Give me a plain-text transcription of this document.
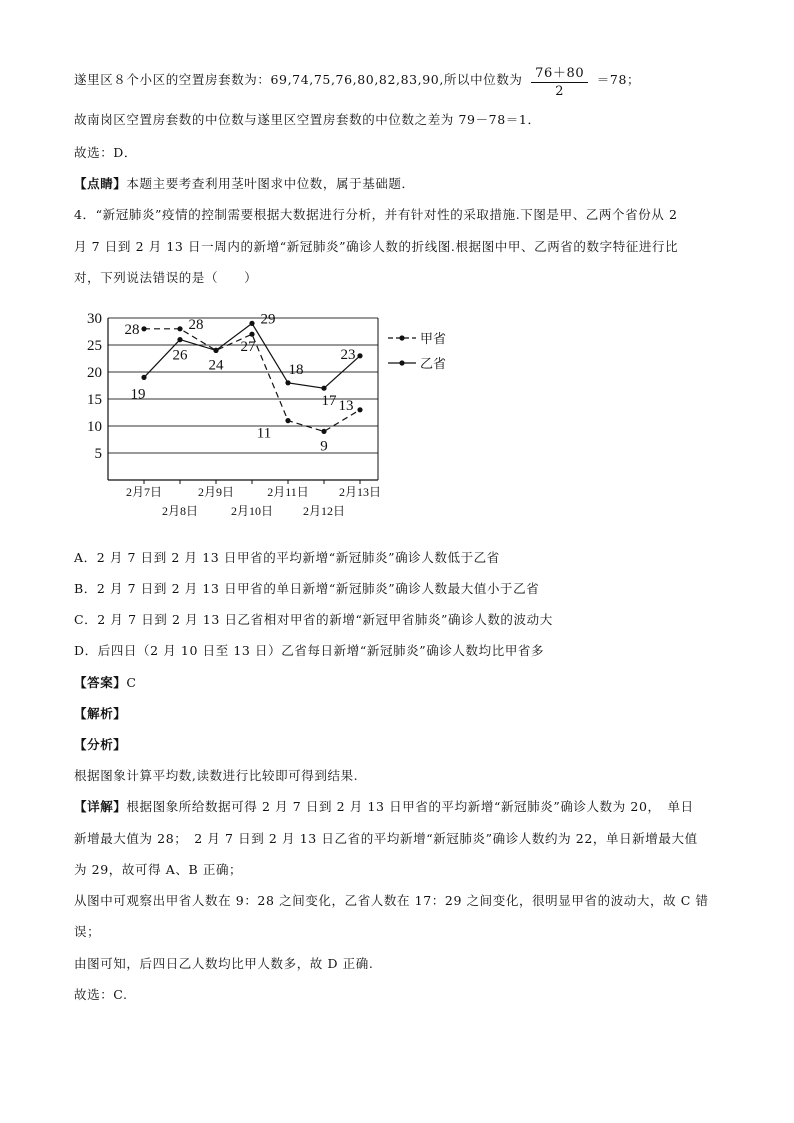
遂里区８个小区的空置房套数为：69,74,75,76,80,82,83,90,所以中位数为 $\frac{76+80}{2} =78$；
故南岗区空置房套数的中位数与遂里区空置房套数的中位数之差为 79－78＝1．
故选：D．
【点睛】本题主要考查利用茎叶图求中位数，属于基础题．
4．“新冠肺炎”疫情的控制需要根据大数据进行分析，并有针对性的采取措施.下图是甲、乙两个省份从 2
月 7 日到 2 月 13 日一周内的新增“新冠肺炎”确诊人数的折线图.根据图中甲、乙两省的数字特征进行比
对，下列说法错误的是（　　）
5
10
15
20
25
30
2月7日
2月8日
2月9日
2月10日
2月11日
2月12日
2月13日
28	28
27
11
9
13
19
26
24
29
18
17
23
甲省
乙省
A．2 月 7 日到 2 月 13 日甲省的平均新增“新冠肺炎”确诊人数低于乙省
B．2 月 7 日到 2 月 13 日甲省的单日新增“新冠肺炎”确诊人数最大值小于乙省
C．2 月 7 日到 2 月 13 日乙省相对甲省的新增“新冠甲省肺炎”确诊人数的波动大
D．后四日（2 月 10 日至 13 日）乙省每日新增“新冠肺炎”确诊人数均比甲省多
【答案】C
【解析】
【分析】
根据图象计算平均数,读数进行比较即可得到结果.
【详解】根据图象所给数据可得 2 月 7 日到 2 月 13 日甲省的平均新增“新冠肺炎”确诊人数为 20，　单日
新增最大值为 28；　2 月 7 日到 2 月 13 日乙省的平均新增“新冠肺炎”确诊人数约为 22，单日新增最大值
为 29，故可得 A、B 正确；
从图中可观察出甲省人数在 9：28 之间变化，乙省人数在 17：29 之间变化，很明显甲省的波动大，故 C 错
误；
由图可知，后四日乙人数均比甲人数多，故 D 正确.
故选：C.
